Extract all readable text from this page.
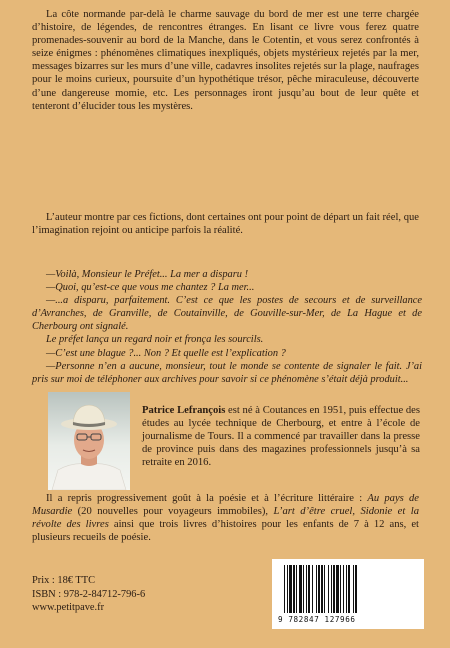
La côte normande par-delà le charme sauvage du bord de mer est une terre chargée d’histoire, de légendes, de rencontres étranges. En lisant ce livre vous ferez quatre promenades-souvenir au bord de la Manche, dans le Cotentin, et vous serez confrontés à seize énigmes : phénomènes climatiques inexpliqués, objets mystérieux rejetés par la mer, messages bizarres sur les murs d’une ville, cadavres insolites rejetés sur la plage, naufrages pour le moins curieux, poursuite d’un hypothétique trésor, pêche miraculeuse, découverte d’une dangereuse momie, etc. Les personnages iront jusqu’au bout de leur quête et tenteront d’élucider tous les mystères.

L’auteur montre par ces fictions, dont certaines ont pour point de départ un fait réel, que l’imagination rejoint ou anticipe parfois la réalité.

—Voilà, Monsieur le Préfet... La mer a disparu !

—Quoi, qu’est-ce que vous me chantez ? La mer...

—...a disparu, parfaitement. C’est ce que les postes de secours et de surveillance d’Avranches, de Granville, de Coutainville, de Gouville-sur-Mer, de La Hague et de Cherbourg ont signalé.

Le préfet lança un regard noir et fronça les sourcils.

—C’est une blague ?... Non ? Et quelle est l’explication ?

—Personne n’en a aucune, monsieur, tout le monde se contente de signaler le fait. J’ai pris sur moi de téléphoner aux archives pour savoir si ce phénomène s’était déjà produit...

Patrice Lefrançois est né à Coutances en 1951, puis effectue des études au lycée technique de Cherbourg, et entre à l’école de journalisme de Tours. Il a commencé par travailler dans la presse de province puis dans des magazines professionnels jusqu’à sa retraite en 2016.

Il a repris progressivement goût à la poésie et à l’écriture littéraire : Au pays de Musardie (20 nouvelles pour voyageurs immobiles), L’art d’être cruel, Sidonie et la révolte des livres ainsi que trois livres d’histoires pour les enfants de 7 à 12 ans, et plusieurs recueils de poésie.

Prix : 18€ TTC
ISBN : 978-2-84712-796-6
www.petitpave.fr
9 782847 127966
